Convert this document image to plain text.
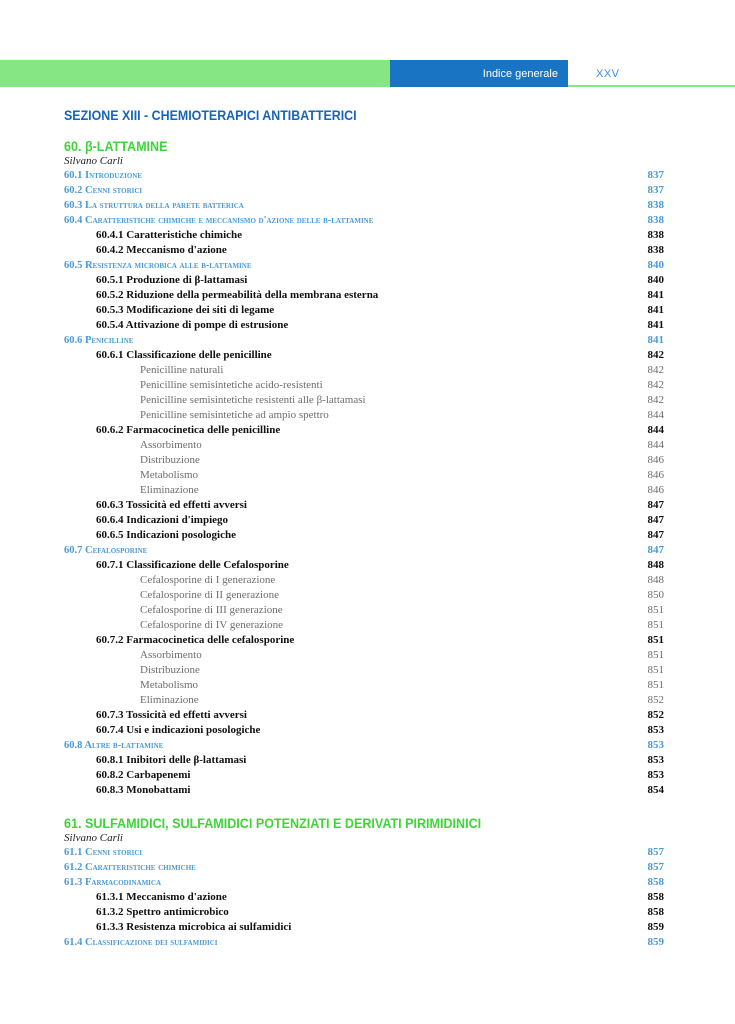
Indice generale	XXV
SEZIONE XIII - CHEMIOTERAPICI ANTIBATTERICI
60. β-LATTAMINE
Silvano Carli
60.1 Introduzione	837
60.2 Cenni storici	837
60.3 La struttura della parete batterica	838
60.4 Caratteristiche chimiche e meccanismo d'azione delle β-lattamine	838
60.4.1 Caratteristiche chimiche	838
60.4.2 Meccanismo d'azione	838
60.5 Resistenza microbica alle β-lattamine	840
60.5.1 Produzione di β-lattamasi	840
60.5.2 Riduzione della permeabilità della membrana esterna	841
60.5.3 Modificazione dei siti di legame	841
60.5.4 Attivazione di pompe di estrusione	841
60.6 Penicilline	841
60.6.1 Classificazione delle penicilline	842
Penicilline naturali	842
Penicilline semisintetiche acido-resistenti	842
Penicilline semisintetiche resistenti alle β-lattamasi	842
Penicilline semisintetiche ad ampio spettro	844
60.6.2 Farmacocinetica delle penicilline	844
Assorbimento	844
Distribuzione	846
Metabolismo	846
Eliminazione	846
60.6.3 Tossicità ed effetti avversi	847
60.6.4 Indicazioni d'impiego	847
60.6.5 Indicazioni posologiche	847
60.7 Cefalosporine	847
60.7.1 Classificazione delle Cefalosporine	848
Cefalosporine di I generazione	848
Cefalosporine di II generazione	850
Cefalosporine di III generazione	851
Cefalosporine di IV generazione	851
60.7.2 Farmacocinetica delle cefalosporine	851
Assorbimento	851
Distribuzione	851
Metabolismo	851
Eliminazione	852
60.7.3 Tossicità ed effetti avversi	852
60.7.4 Usi e indicazioni posologiche	853
60.8 Altre β-lattamine	853
60.8.1 Inibitori delle β-lattamasi	853
60.8.2 Carbapenemi	853
60.8.3 Monobattami	854
61. SULFAMIDICI, SULFAMIDICI POTENZIATI E DERIVATI PIRIMIDINICI
Silvano Carli
61.1 Cenni storici	857
61.2 Caratteristiche chimiche	857
61.3 Farmacodinamica	858
61.3.1 Meccanismo d'azione	858
61.3.2 Spettro antimicrobico	858
61.3.3 Resistenza microbica ai sulfamidici	859
61.4 Classificazione dei sulfamidici	859
